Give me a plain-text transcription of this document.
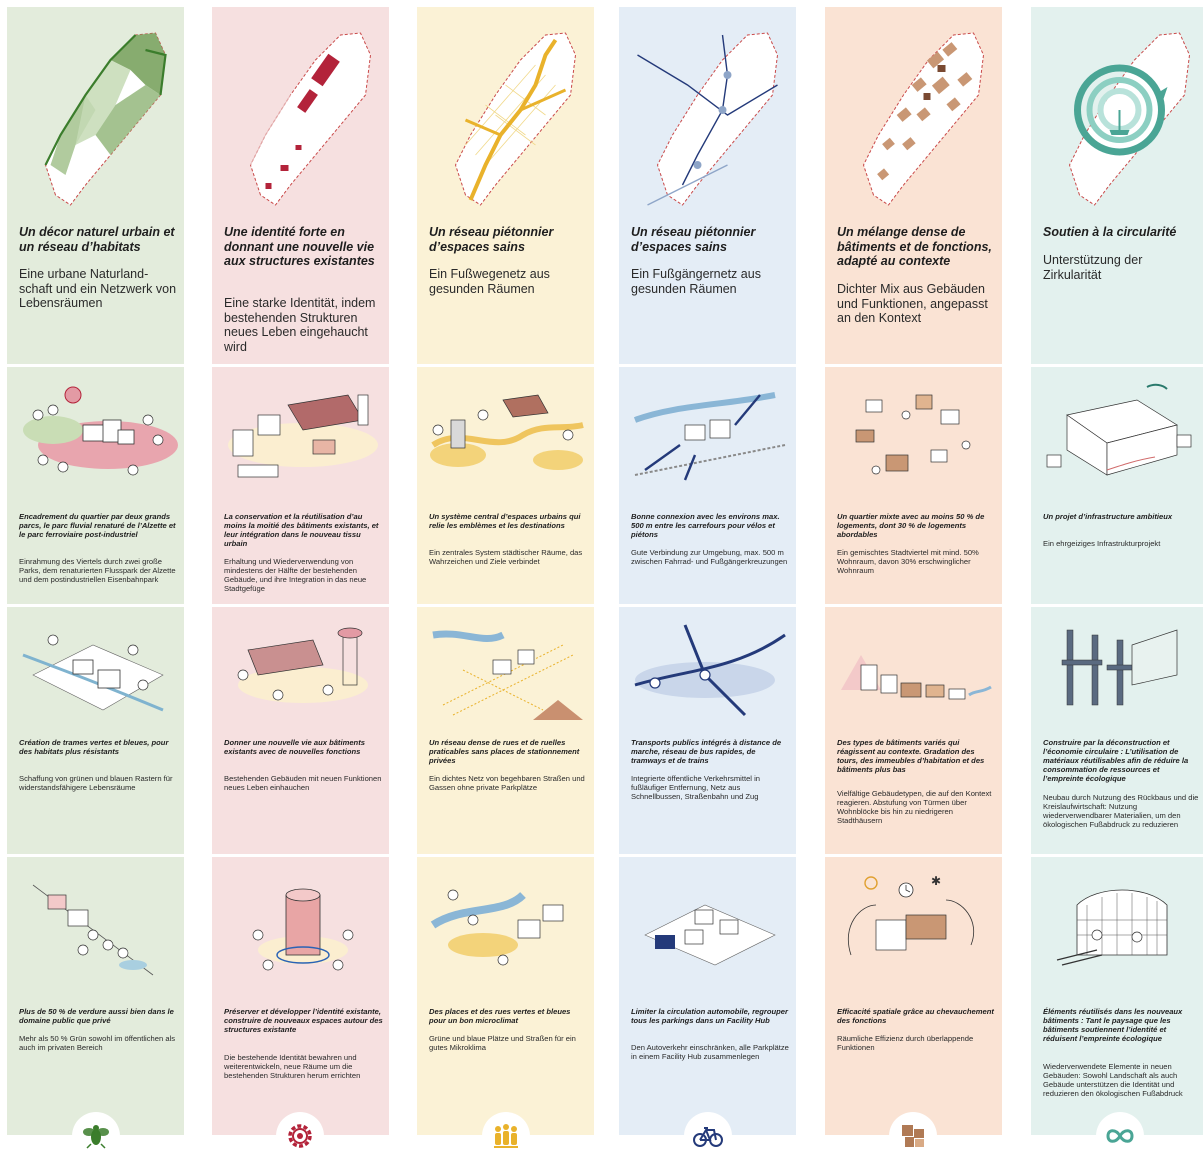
Un décor naturel urbain et un réseau d’habitats

Eine urbane Naturland-schaft und ein Netzwerk von Lebensräumen

Encadrement du quartier par deux grands parcs, le parc fluvial renaturé de l’Alzette et le parc ferroviaire post-industriel

Einrahmung des Viertels durch zwei große Parks, dem renaturierten Flusspark der Alzette und dem postindustriellen Eisenbahnpark

Création de trames vertes et bleues, pour des habitats plus résistants

Schaffung von grünen und blauen Rastern für widerstandsfähigere Lebensräume

Plus de 50 % de verdure aussi bien dans le domaine public que privé

Mehr als 50 % Grün sowohl im öffentlichen als auch im privaten Bereich

Une identité forte en donnant une nouvelle vie aux structures existantes

Eine starke Identität, indem bestehenden Strukturen neues Leben eingehaucht wird

La conservation et la réutilisation d’au moins la moitié des bâtiments existants, et leur intégration dans le nouveau tissu urbain

Erhaltung und Wiederverwendung von mindestens der Hälfte der bestehenden Gebäude, und ihre Integration in das neue Stadtgefüge

Donner une nouvelle vie aux bâtiments existants avec de nouvelles fonctions

Bestehenden Gebäuden mit neuen Funktionen neues Leben einhauchen

Préserver et développer l’identité existante, construire de nouveaux espaces autour des structures existante

Die bestehende Identität bewahren und weiterentwickeln, neue Räume um die bestehenden Strukturen herum errichten

Un réseau piétonnier d’espaces sains

Ein Fußwegenetz aus gesunden Räumen

Un système central d’espaces urbains qui relie les emblèmes et les destinations

Ein zentrales System städtischer Räume, das Wahrzeichen und Ziele verbindet

Un réseau dense de rues et de ruelles praticables sans places de stationnement privées

Ein dichtes Netz von begehbaren Straßen und Gassen ohne private Parkplätze

Des places et des rues vertes et bleues pour un bon microclimat

Grüne und blaue Plätze und Straßen für ein gutes Mikroklima

Un réseau piétonnier d’espaces sains

Ein Fußgängernetz aus gesunden Räumen

Bonne connexion avec les environs max. 500 m entre les carrefours pour vélos et piétons

Gute Verbindung zur Umgebung, max. 500 m zwischen Fahrrad- und Fußgängerkreuzungen

Transports publics intégrés à distance de marche, réseau de bus rapides, de tramways et de trains

Integrierte öffentliche Verkehrsmittel in fußläufiger Entfernung, Netz aus Schnellbussen, Straßenbahn und Zug

Limiter la circulation automobile, regrouper tous les parkings dans un Facility Hub

Den Autoverkehr einschränken, alle Parkplätze in einem Facility Hub zusammenlegen

Un mélange dense de bâtiments et de fonctions, adapté au contexte

Dichter Mix aus Gebäuden und Funktionen, angepasst an den Kontext

Un quartier mixte avec au moins 50 % de logements, dont 30 % de logements abordables

Ein gemischtes Stadtviertel mit mind. 50% Wohnraum, davon 30% erschwinglicher Wohnraum

Des types de bâtiments variés qui réagissent au contexte. Gradation des tours, des immeubles d’habitation et des bâtiments plus bas

Vielfältige Gebäudetypen, die auf den Kontext reagieren. Abstufung von Türmen über Wohnblöcke bis hin zu niedrigeren Stadthäusern

✱

Efficacité spatiale grâce au chevauchement des fonctions

Räumliche Effizienz durch überlappende Funktionen

Soutien à la circularité

Unterstützung der Zirkularität

Un projet d’infrastructure ambitieux

Ein ehrgeiziges Infrastrukturprojekt

Construire par la déconstruction et l’économie circulaire : L’utilisation de matériaux réutilisables afin de réduire la consommation de ressources et l’empreinte écologique

Neubau durch Nutzung des Rückbaus und die Kreislaufwirtschaft: Nutzung wiederverwendbarer Materialien, um den ökologischen Fußabdruck zu reduzieren

Éléments réutilisés dans les nouveaux bâtiments : Tant le paysage que les bâtiments soutiennent l’identité et réduisent l’empreinte écologique

Wiederverwendete Elemente in neuen Gebäuden: Sowohl Landschaft als auch Gebäude unterstützen die Identität und reduzieren den ökologischen Fußabdruck
